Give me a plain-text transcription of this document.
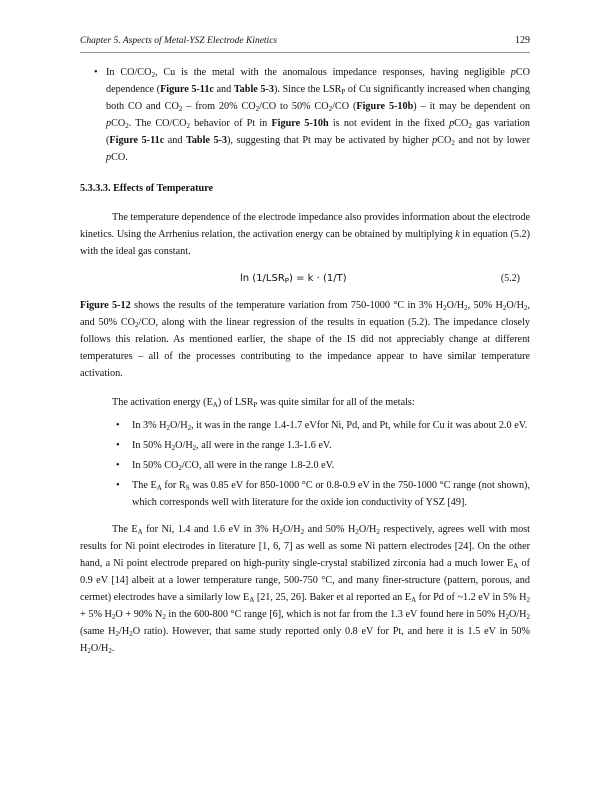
Chapter 5. Aspects of Metal-YSZ Electrode Kinetics	129
• In $CO/CO_2$, Cu is the metal with the anomalous impedance responses, having negligible pCO dependence (Figure 5-11c and Table 5-3). Since the $LSR_P$ of Cu significantly increased when changing both CO and $CO_2$ – from 20% $CO_2/CO$ to 50% $CO_2/CO$ (Figure 5-10b) – it may be dependent on pCO$_2$. The $CO/CO_2$ behavior of Pt in Figure 5-10h is not evident in the fixed pCO$_2$ gas variation (Figure 5-11c and Table 5-3), suggesting that Pt may be activated by higher pCO$_2$ and not by lower pCO.

5.3.3.3. Effects of Temperature

The temperature dependence of the electrode impedance also provides information about the electrode kinetics. Using the Arrhenius relation, the activation energy can be obtained by multiplying k in equation (5.2) with the ideal gas constant.

$\ln (1/LSR_P) = k \cdot (1/T)$	(5.2)

Figure 5-12 shows the results of the temperature variation from 750-1000 °C in 3% $H_2O/H_2$, 50% $H_2O/H_2$, and 50% $CO_2/CO$, along with the linear regression of the results in equation (5.2). The impedance closely follows this relation. As mentioned earlier, the shape of the IS did not appreciably change at different temperatures – all of the processes contributing to the impedance appear to have similar temperature activation.

The activation energy $(E_A)$ of $LSR_P$ was quite similar for all of the metals:

• In 3% $H_2O/H_2$, it was in the range 1.4-1.7 eVfor Ni, Pd, and Pt, while for Cu it was about 2.0 eV.
• In 50% $H_2O/H_2$, all were in the range 1.3-1.6 eV.
• In 50% $CO_2/CO$, all were in the range 1.8-2.0 eV.
• The $E_A$ for $R_S$ was 0.85 eV for 850-1000 °C or 0.8-0.9 eV in the 750-1000 °C range (not shown), which corresponds well with literature for the oxide ion conductivity of YSZ [49].

The $E_A$ for Ni, 1.4 and 1.6 eV in 3% $H_2O/H_2$ and 50% $H_2O/H_2$ respectively, agrees well with most results for Ni point electrodes in literature [1, 6, 7] as well as some Ni pattern electrodes [24]. On the other hand, a Ni point electrode prepared on high-purity single-crystal stabilized zirconia had a much lower $E_A$ of 0.9 eV [14] albeit at a lower temperature range, 500-750 °C, and many finer-structure (pattern, porous, and cermet) electrodes have a similarly low $E_A$ [21, 25, 26]. Baker et al reported an $E_A$ for Pd of ~1.2 eV in 5% $H_2 + 5\%$ $H_2O + 90\%$ $N_2$ in the 600-800 °C range [6], which is not far from the 1.3 eV found here in 50% $H_2O/H_2$ (same $H_2/H_2O$ ratio). However, that same study reported only 0.8 eV for Pt, and here it is 1.5 eV in 50% $H_2O/H_2$.
